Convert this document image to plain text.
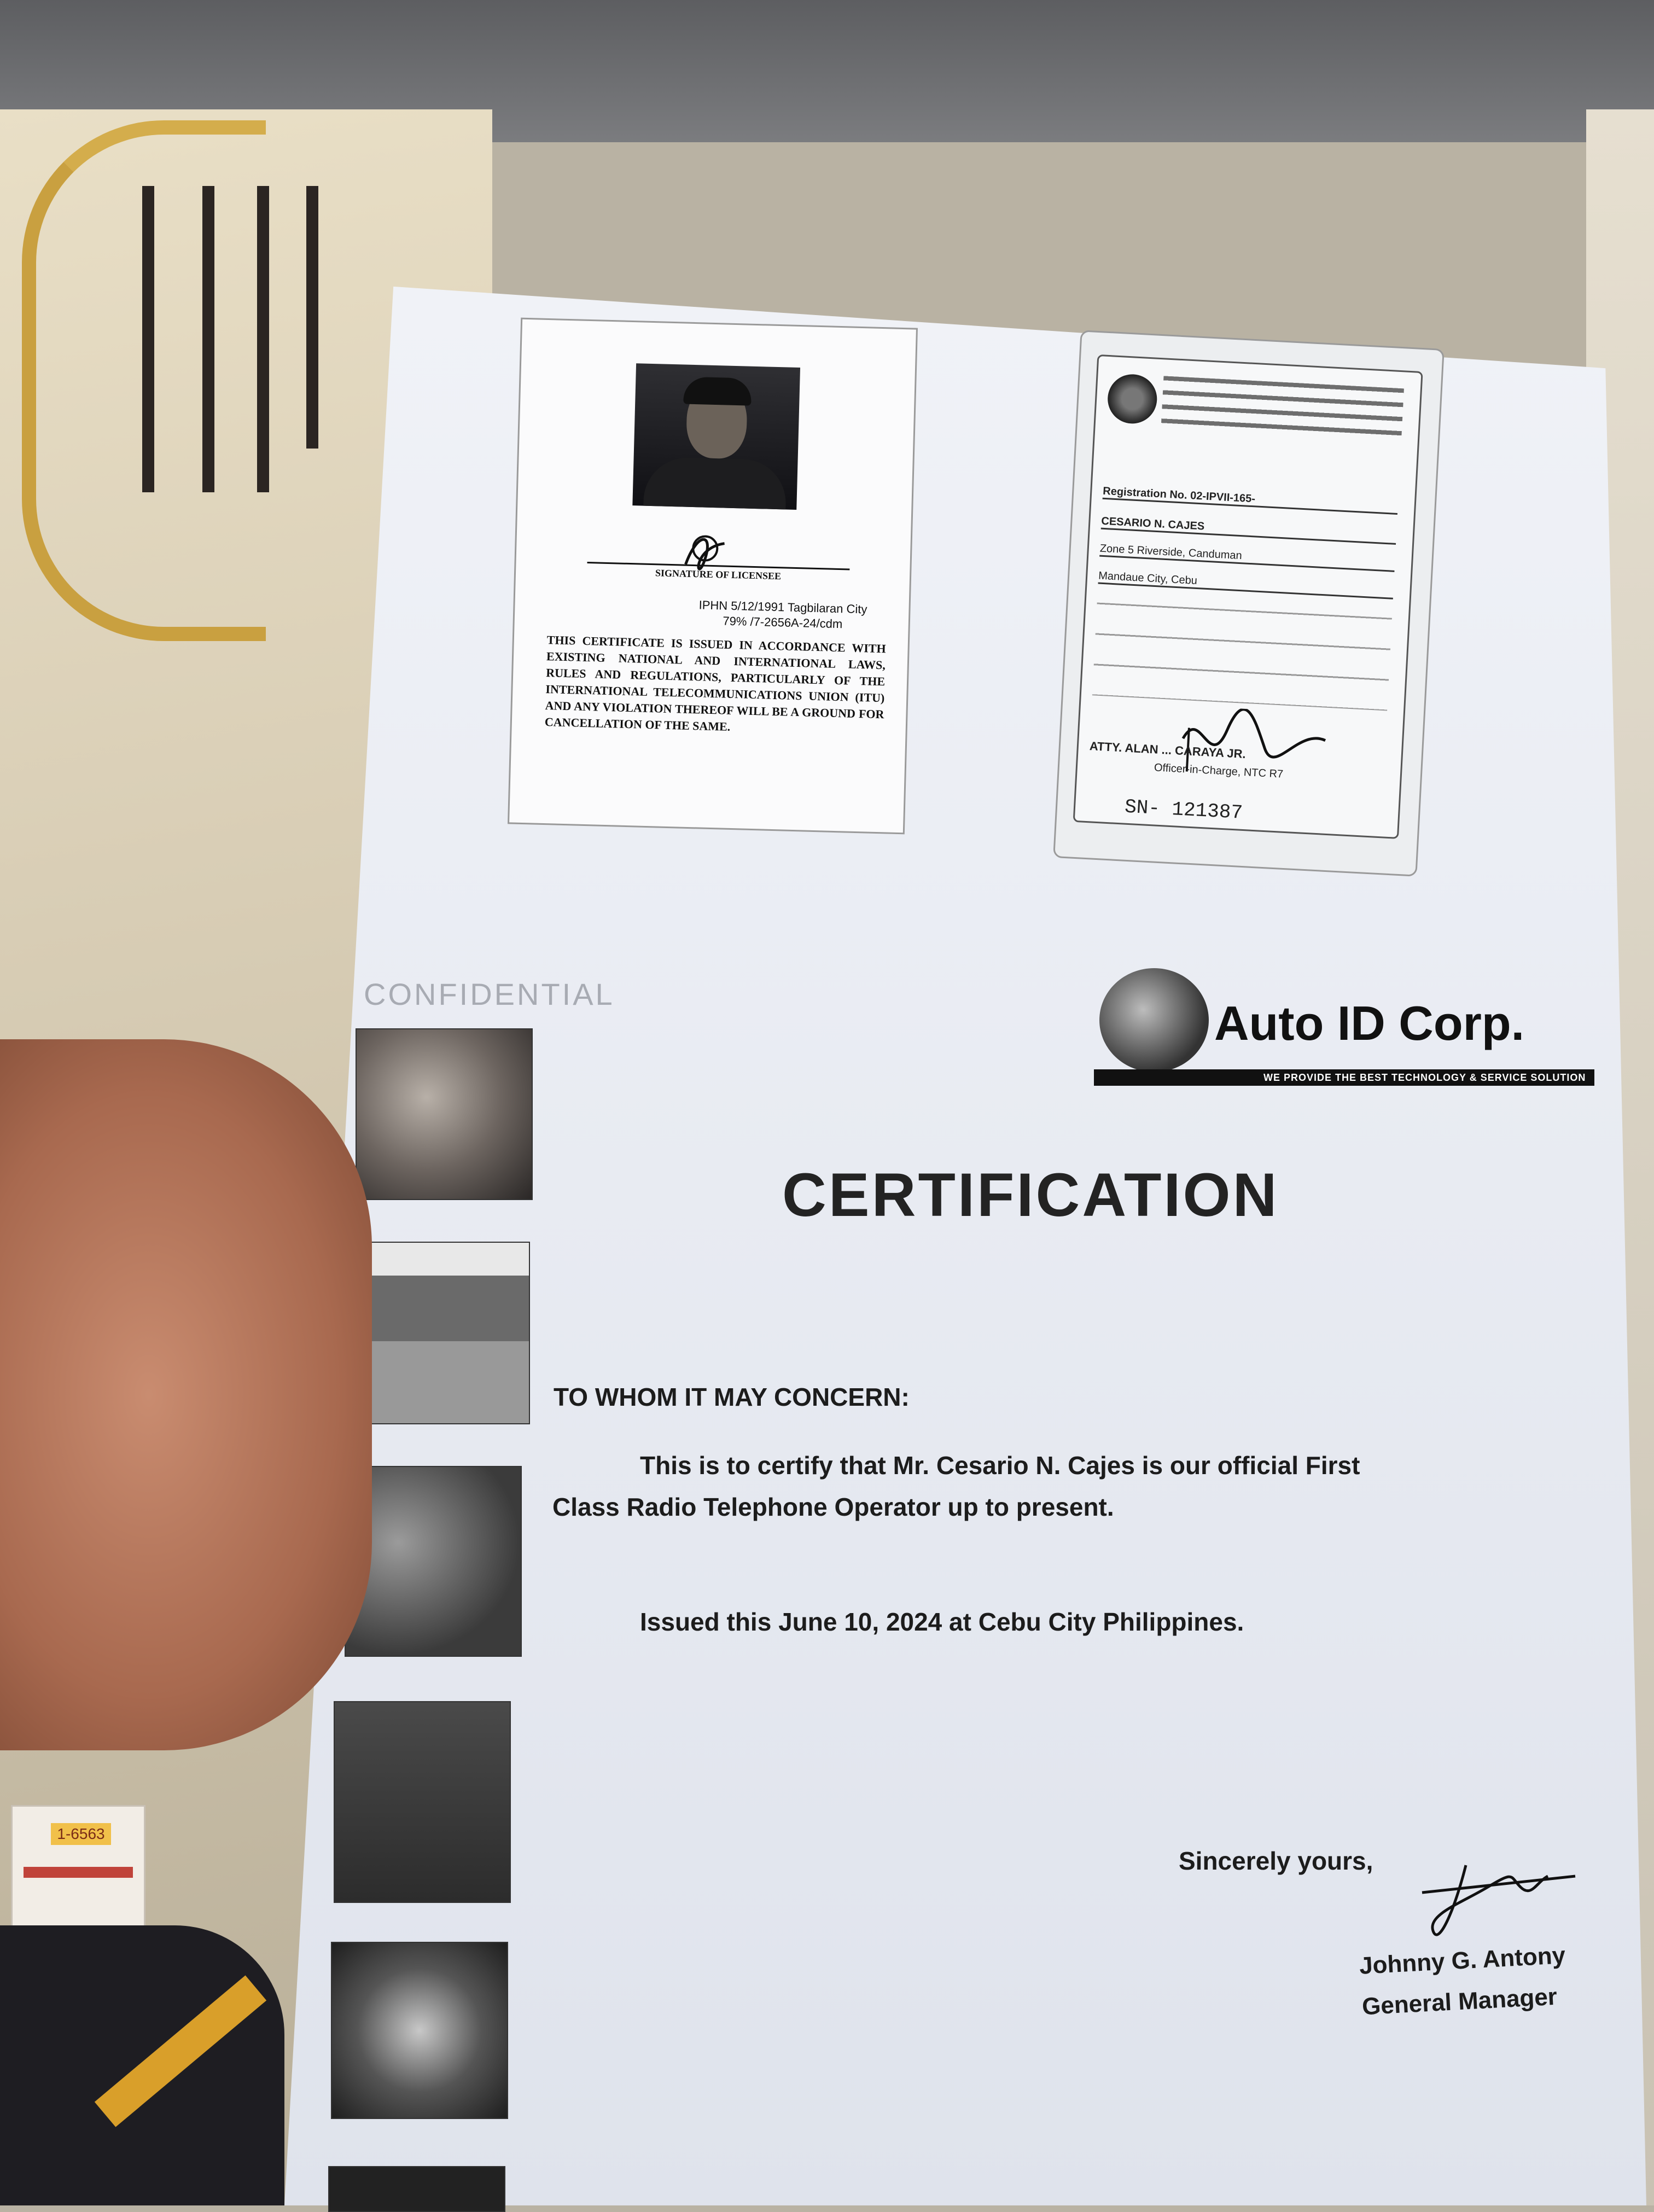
1-6563
SIGNATURE OF LICENSEE
IPHN 5/12/1991 Tagbilaran City
79% /7-2656A-24/cdm
THIS CERTIFICATE IS ISSUED IN ACCORDANCE WITH EXISTING NATIONAL AND INTERNATIONAL LAWS, RULES AND REGULATIONS, PARTICULARLY OF THE INTERNATIONAL TELECOMMUNICATIONS UNION (ITU) AND ANY VIOLATION THEREOF WILL BE A GROUND FOR CANCELLATION OF THE SAME.
Registration No. 02-IPVII-165-
CESARIO N. CAJES
Zone 5 Riverside, Canduman
Mandaue City, Cebu
ATTY. ALAN ... CARAYA JR.
Officer-in-Charge, NTC R7
SN- 121387
CONFIDENTIAL
Auto ID Corp.
WE PROVIDE THE BEST TECHNOLOGY & SERVICE SOLUTION
CERTIFICATION
TO WHOM IT MAY CONCERN:
This is to certify that Mr. Cesario N. Cajes is our official First
Class Radio Telephone Operator up to present.
Issued this June 10, 2024 at Cebu City Philippines.
Sincerely yours,
Johnny G. Antony
General Manager
